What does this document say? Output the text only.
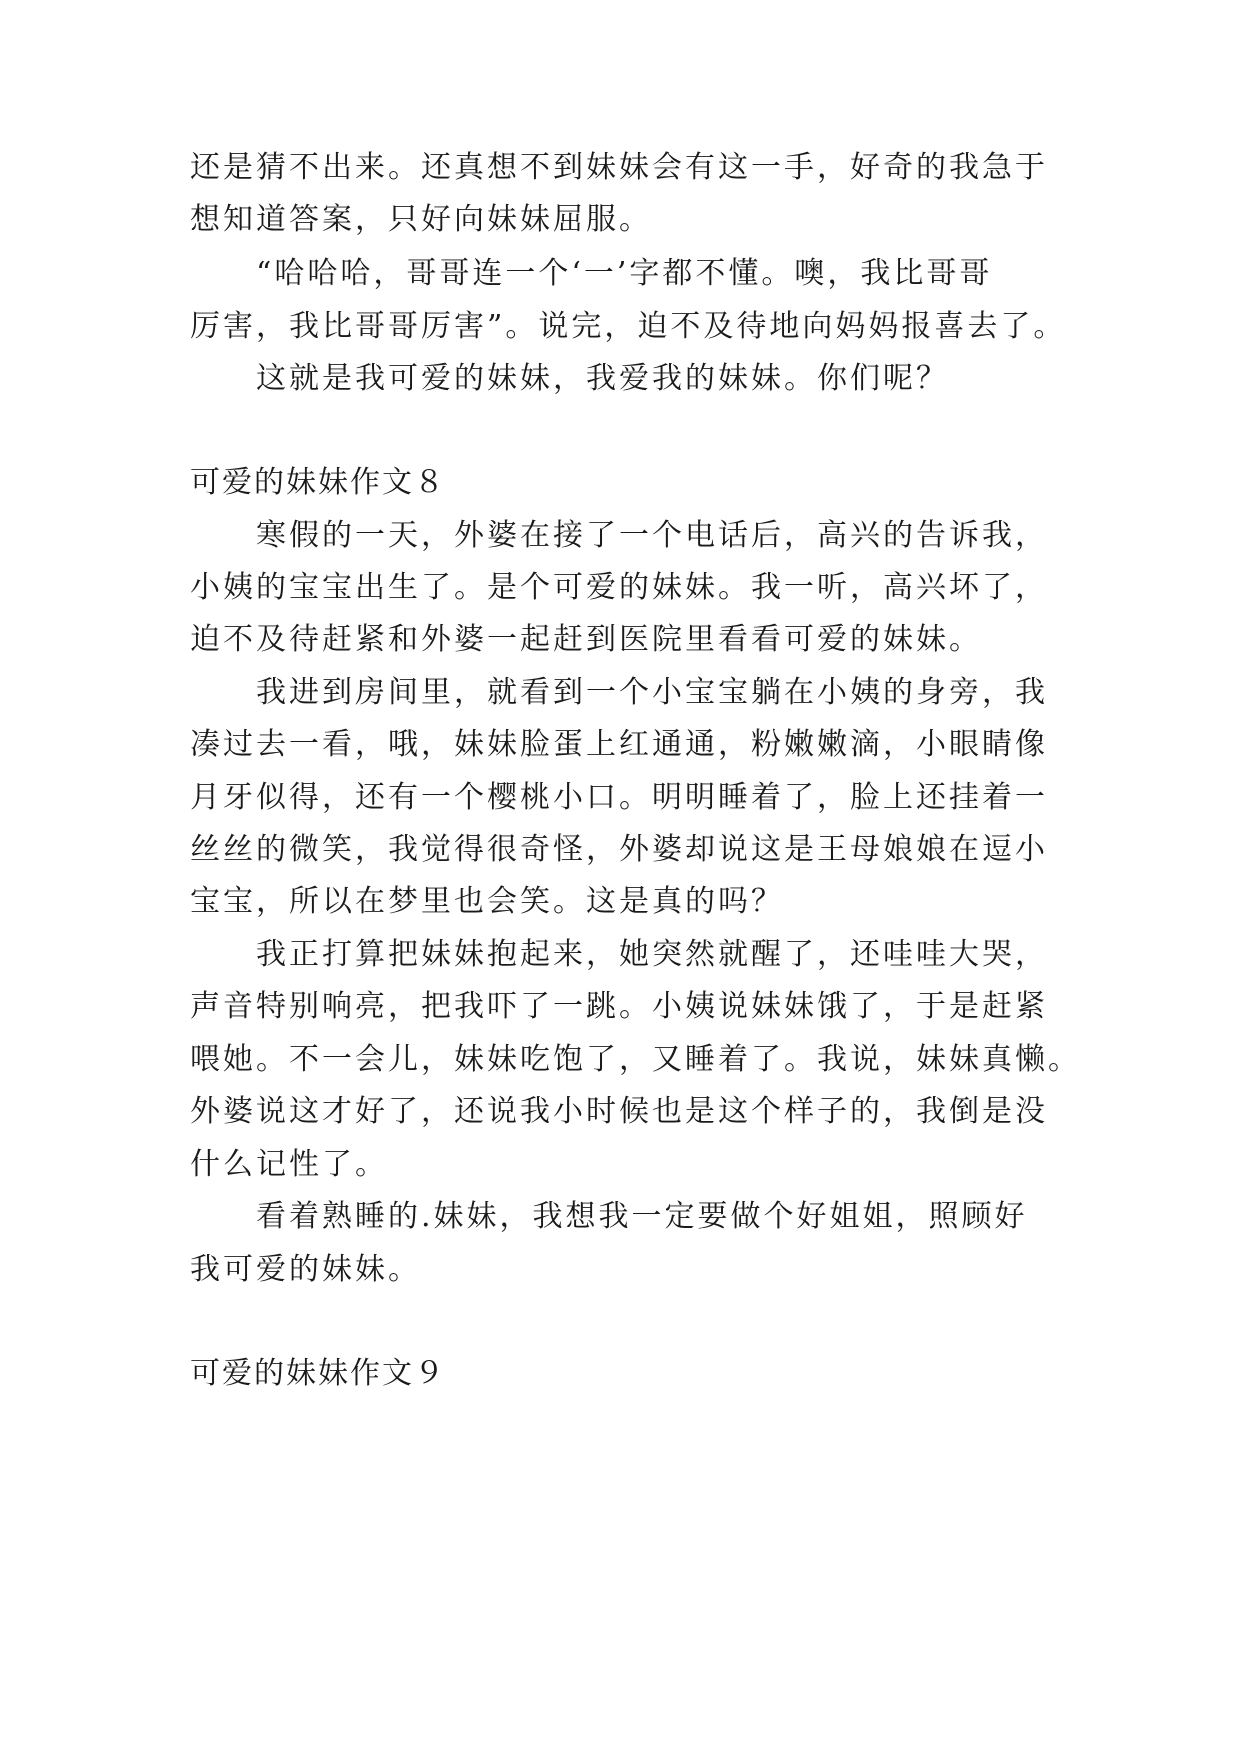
还是猜不出来。还真想不到妹妹会有这一手，好奇的我急于
想知道答案，只好向妹妹屈服。
“哈哈哈，哥哥连一个‘一’字都不懂。噢，我比哥哥
厉害，我比哥哥厉害”。说完，迫不及待地向妈妈报喜去了。
这就是我可爱的妹妹，我爱我的妹妹。你们呢？
可爱的妹妹作文８
寒假的一天，外婆在接了一个电话后，高兴的告诉我，
小姨的宝宝出生了。是个可爱的妹妹。我一听，高兴坏了，
迫不及待赶紧和外婆一起赶到医院里看看可爱的妹妹。
我进到房间里，就看到一个小宝宝躺在小姨的身旁，我
凑过去一看，哦，妹妹脸蛋上红通通，粉嫩嫩滴，小眼睛像
月牙似得，还有一个樱桃小口。明明睡着了，脸上还挂着一
丝丝的微笑，我觉得很奇怪，外婆却说这是王母娘娘在逗小
宝宝，所以在梦里也会笑。这是真的吗？
我正打算把妹妹抱起来，她突然就醒了，还哇哇大哭，
声音特别响亮，把我吓了一跳。小姨说妹妹饿了，于是赶紧
喂她。不一会儿，妹妹吃饱了，又睡着了。我说，妹妹真懒。
外婆说这才好了，还说我小时候也是这个样子的，我倒是没
什么记性了。
看着熟睡的.妹妹，我想我一定要做个好姐姐，照顾好
我可爱的妹妹。
可爱的妹妹作文９
